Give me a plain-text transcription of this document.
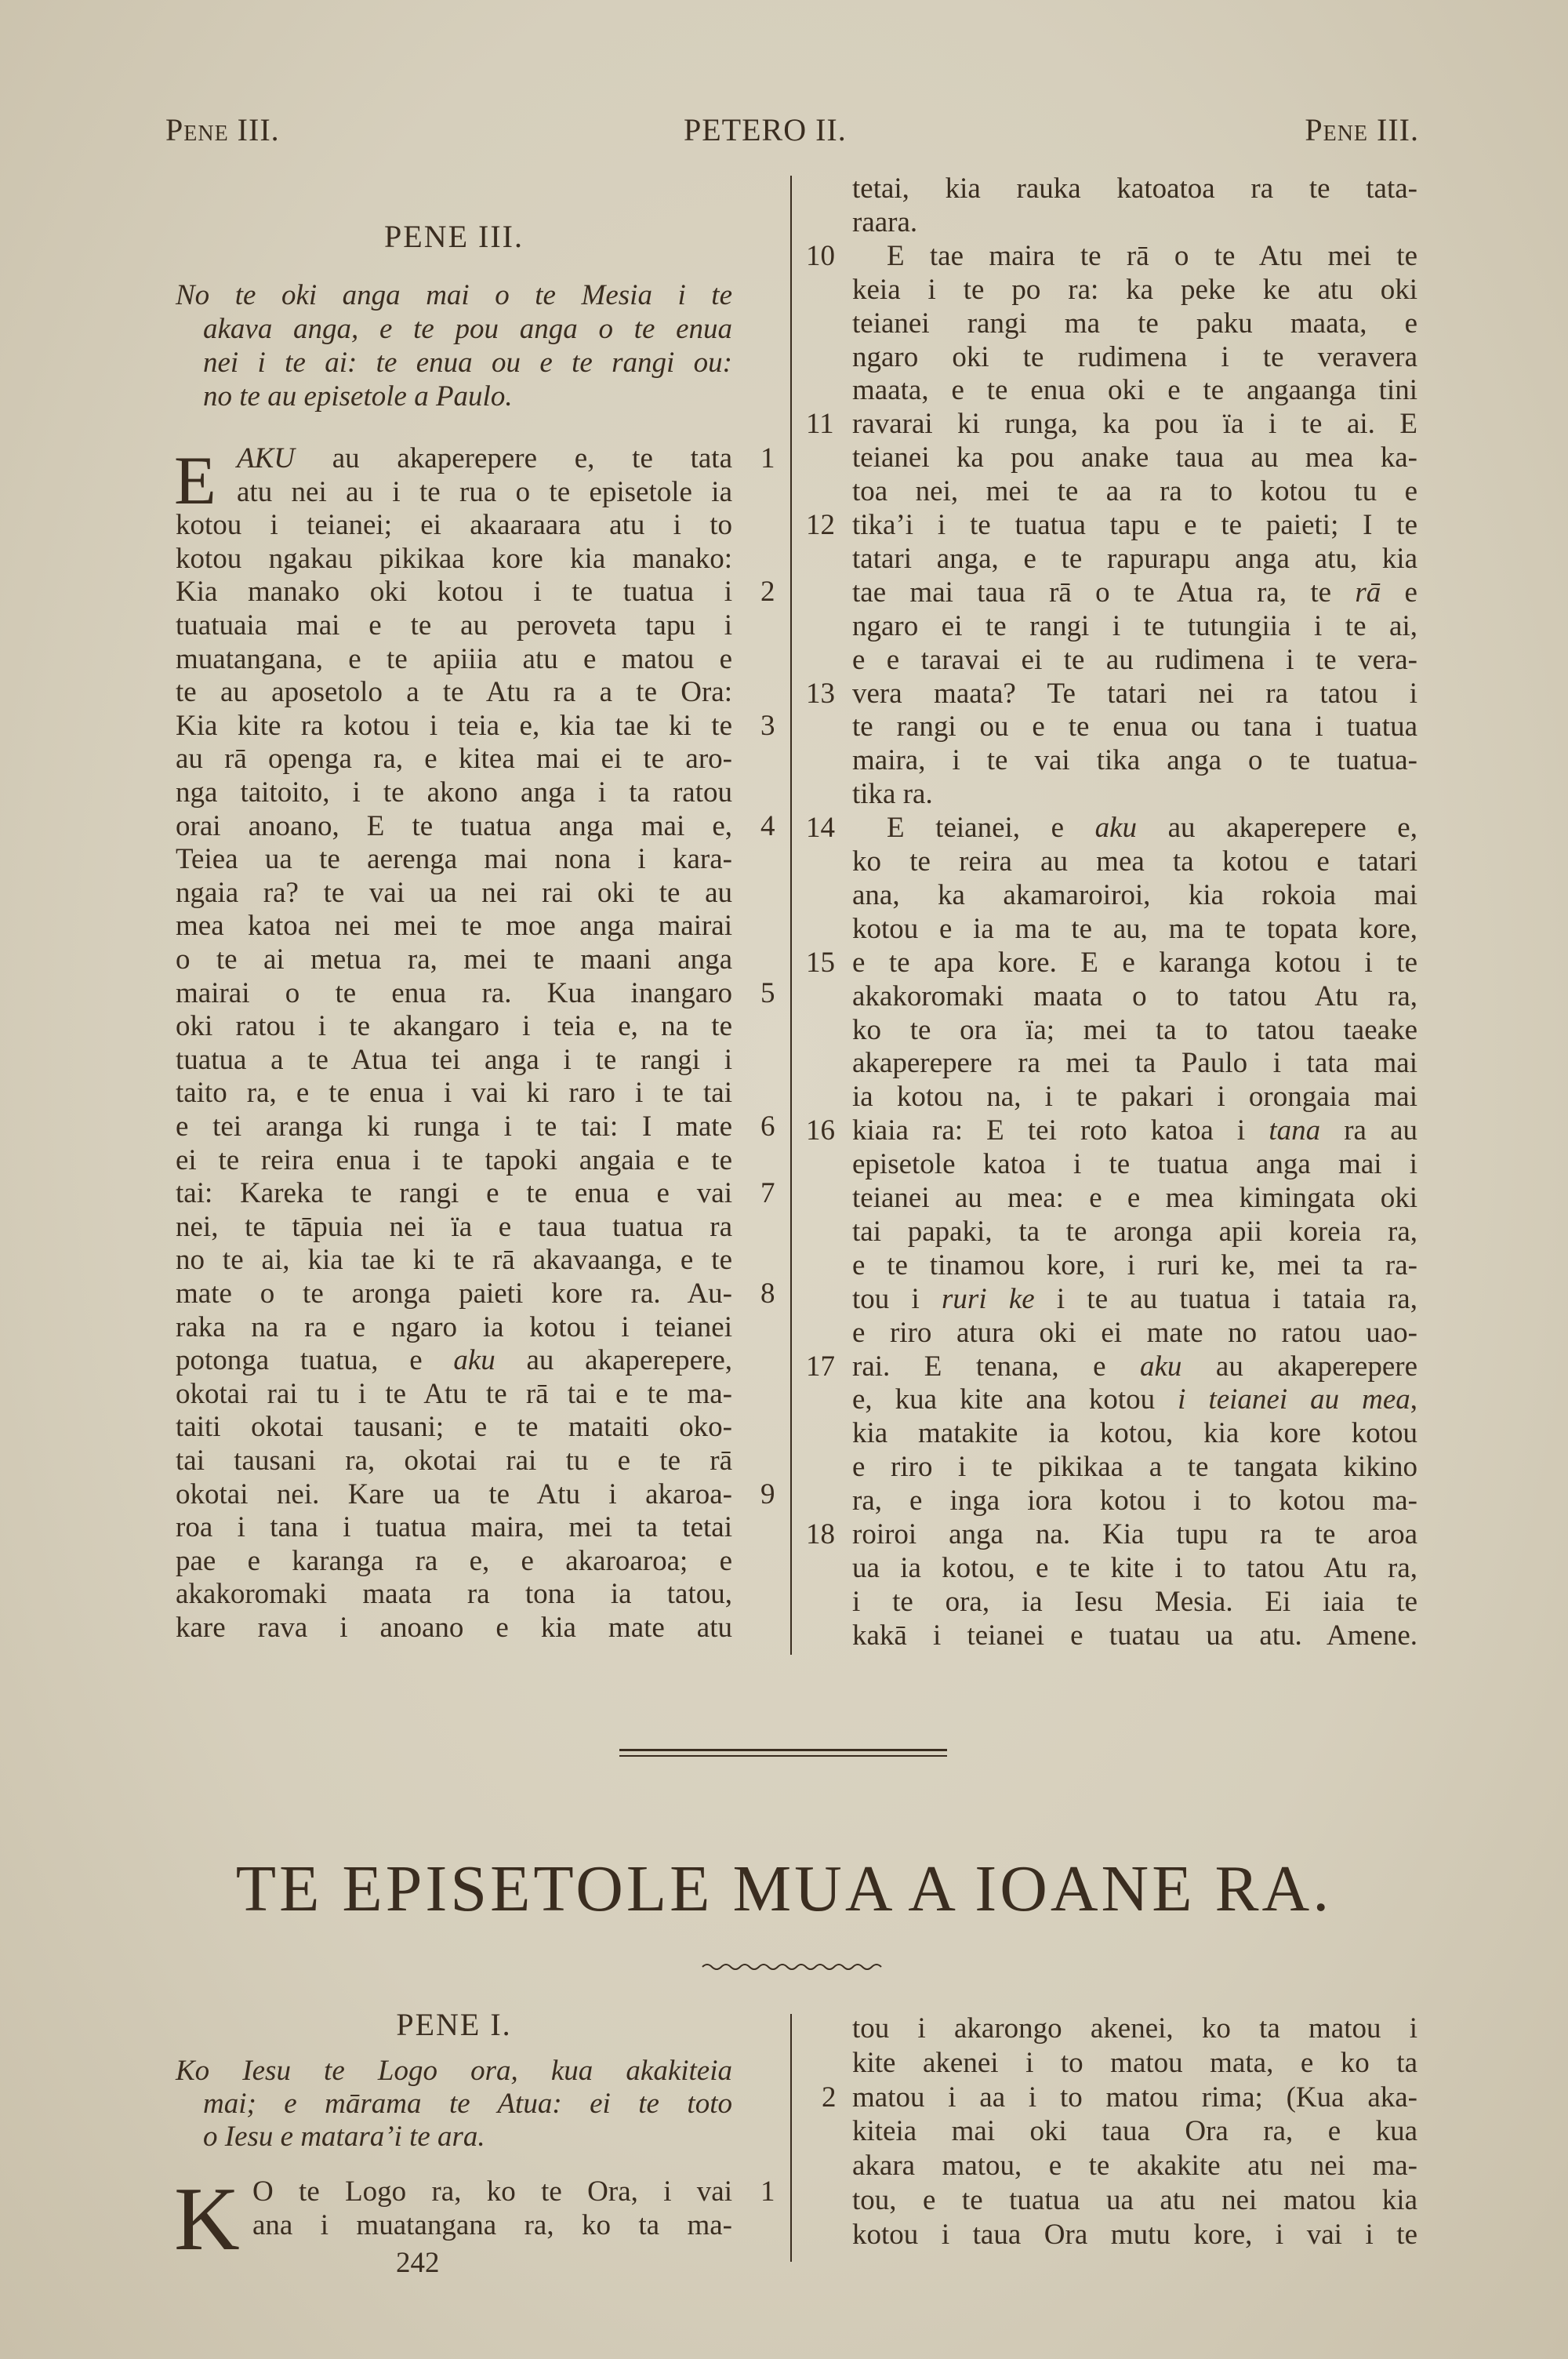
Pene III.	PETERO II.	Pene III.
PENE III.
No te oki anga mai o te Mesia i te
akava anga, e te pou anga o te enua
nei i te ai: te enua ou e te rangi ou:
no te au episetole a Paulo.
E AKU au akaperepere e, te tata 1
atu nei au i te rua o te episetole ia
kotou i teianei; ei akaaraara atu i to
kotou ngakau pikikaa kore kia manako:
Kia manako oki kotou i te tuatua i 2
tuatuaia mai e te au peroveta tapu i
muatangana, e te apiiia atu e matou e
te au aposetolo a te Atu ra a te Ora:
Kia kite ra kotou i teia e, kia tae ki te 3
au rā openga ra, e kitea mai ei te aro-
nga taitoito, i te akono anga i ta ratou
orai anoano, E te tuatua anga mai e, 4
Teiea ua te aerenga mai nona i kara-
ngaia ra? te vai ua nei rai oki te au
mea katoa nei mei te moe anga mairai
o te ai metua ra, mei te maani anga
mairai o te enua ra. Kua inangaro 5
oki ratou i te akangaro i teia e, na te
tuatua a te Atua tei anga i te rangi i
taito ra, e te enua i vai ki raro i te tai
e tei aranga ki runga i te tai: I mate 6
ei te reira enua i te tapoki angaia e te
tai: Kareka te rangi e te enua e vai 7
nei, te tāpuia nei ïa e taua tuatua ra
no te ai, kia tae ki te rā akavaanga, e te
mate o te aronga paieti kore ra. Au- 8
raka na ra e ngaro ia kotou i teianei
potonga tuatua, e aku au akaperepere,
okotai rai tu i te Atu te rā tai e te ma-
taiti okotai tausani; e te mataiti oko-
tai tausani ra, okotai rai tu e te rā
okotai nei. Kare ua te Atu i akaroa- 9
roa i tana i tuatua maira, mei ta tetai
pae e karanga ra e, e akaroaroa; e
akakoromaki maata ra tona ia tatou,
kare rava i anoano e kia mate atu
tetai, kia rauka katoatoa ra te tata-
raara.
E tae maira te rā o te Atu mei te
10
keia i te po ra: ka peke ke atu oki
teianei rangi ma te paku maata, e
ngaro oki te rudimena i te veravera
maata, e te enua oki e te angaanga tini
ravarai ki runga, ka pou ïa i te ai. E
11
teianei ka pou anake taua au mea ka-
toa nei, mei te aa ra to kotou tu e
tika’i i te tuatua tapu e te paieti; I te
12
tatari anga, e te rapurapu anga atu, kia
tae mai taua rā o te Atua ra, te rā e
ngaro ei te rangi i te tutungiia i te ai,
e e taravai ei te au rudimena i te vera-
vera maata? Te tatari nei ra tatou i
13
te rangi ou e te enua ou tana i tuatua
maira, i te vai tika anga o te tuatua-
tika ra.
E teianei, e aku au akaperepere e,
14
ko te reira au mea ta kotou e tatari
ana, ka akamaroiroi, kia rokoia mai
kotou e ia ma te au, ma te topata kore,
e te apa kore. E e karanga kotou i te
15
akakoromaki maata o to tatou Atu ra,
ko te ora ïa; mei ta to tatou taeake
akaperepere ra mei ta Paulo i tata mai
ia kotou na, i te pakari i orongaia mai
kiaia ra: E tei roto katoa i tana ra au
16
episetole katoa i te tuatua anga mai i
teianei au mea: e e mea kimingata oki
tai papaki, ta te aronga apii koreia ra,
e te tinamou kore, i ruri ke, mei ta ra-
tou i ruri ke i te au tuatua i tataia ra,
e riro atura oki ei mate no ratou uao-
rai. E tenana, e aku au akaperepere
17
e, kua kite ana kotou i teianei au mea,
kia matakite ia kotou, kia kore kotou
e riro i te pikikaa a te tangata kikino
ra, e inga iora kotou i to kotou ma-
roiroi anga na. Kia tupu ra te aroa
18
ua ia kotou, e te kite i to tatou Atu ra,
i te ora, ia Iesu Mesia. Ei iaia te
kakā i teianei e tuatau ua atu. Amene.
TE EPISETOLE MUA A IOANE RA.
PENE I.
Ko Iesu te Logo ora, kua akakiteia
mai; e mārama te Atua: ei te toto
o Iesu e matara’i te ara.
K O te Logo ra, ko te Ora, i vai 1
ana i muatangana ra, ko ta ma-
tou i akarongo akenei, ko ta matou i
kite akenei i to matou mata, e ko ta
matou i aa i to matou rima; (Kua aka-
2
kiteia mai oki taua Ora ra, e kua
akara matou, e te akakite atu nei ma-
tou, e te tuatua ua atu nei matou kia
kotou i taua Ora mutu kore, i vai i te
242
